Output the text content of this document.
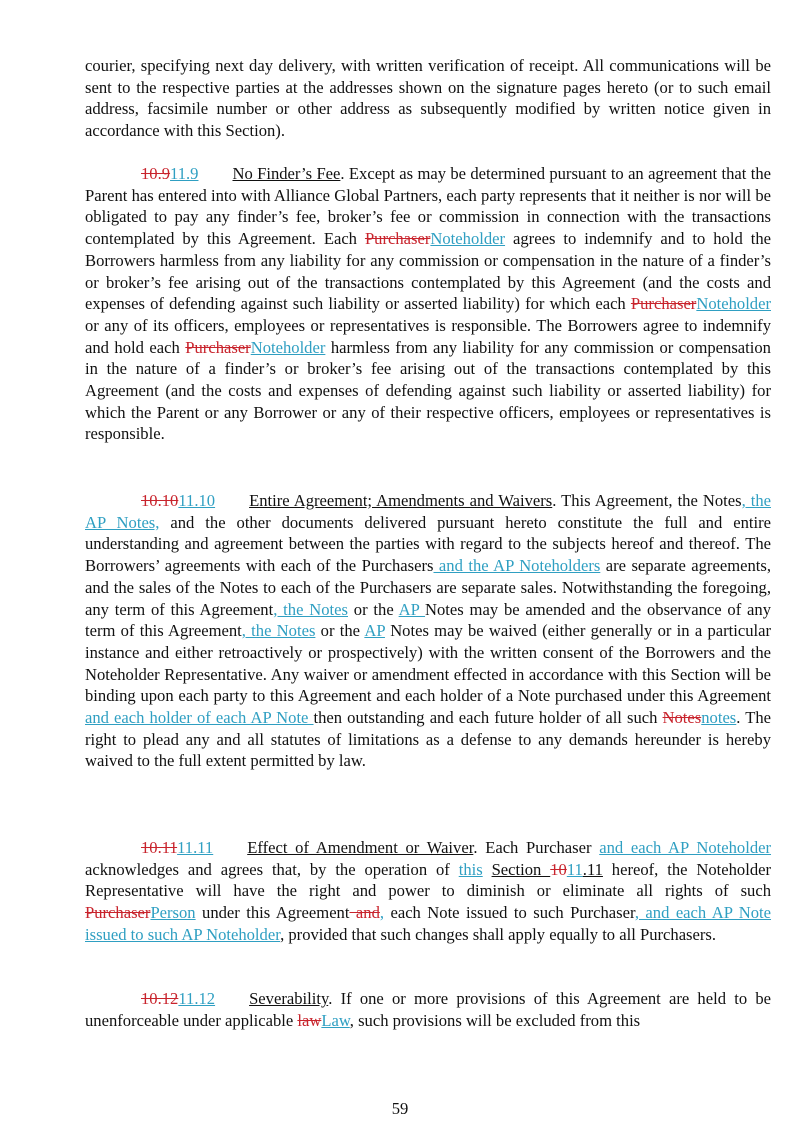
courier, specifying next day delivery, with written verification of receipt. All communications will be sent to the respective parties at the addresses shown on the signature pages hereto (or to such email address, facsimile number or other address as subsequently modified by written notice given in accordance with this Section).

10.911.9 No Finder’s Fee. Except as may be determined pursuant to an agreement that the Parent has entered into with Alliance Global Partners, each party represents that it neither is nor will be obligated to pay any finder’s fee, broker’s fee or commission in connection with the transactions contemplated by this Agreement. Each PurchaserNoteholder agrees to indemnify and to hold the Borrowers harmless from any liability for any commission or compensation in the nature of a finder’s or broker’s fee arising out of the transactions contemplated by this Agreement (and the costs and expenses of defending against such liability or asserted liability) for which each PurchaserNoteholder or any of its officers, employees or representatives is responsible. The Borrowers agree to indemnify and hold each PurchaserNoteholder harmless from any liability for any commission or compensation in the nature of a finder’s or broker’s fee arising out of the transactions contemplated by this Agreement (and the costs and expenses of defending against such liability or asserted liability) for which the Parent or any Borrower or any of their respective officers, employees or representatives is responsible.

10.1011.10 Entire Agreement; Amendments and Waivers. This Agreement, the Notes, the AP Notes, and the other documents delivered pursuant hereto constitute the full and entire understanding and agreement between the parties with regard to the subjects hereof and thereof. The Borrowers’ agreements with each of the Purchasers and the AP Noteholders are separate agreements, and the sales of the Notes to each of the Purchasers are separate sales. Notwithstanding the foregoing, any term of this Agreement, the Notes or the AP Notes may be amended and the observance of any term of this Agreement, the Notes or the AP Notes may be waived (either generally or in a particular instance and either retroactively or prospectively) with the written consent of the Borrowers and the Noteholder Representative. Any waiver or amendment effected in accordance with this Section will be binding upon each party to this Agreement and each holder of a Note purchased under this Agreement and each holder of each AP Note then outstanding and each future holder of all such Notesnotes. The right to plead any and all statutes of limitations as a defense to any demands hereunder is hereby waived to the full extent permitted by law.

10.1111.11 Effect of Amendment or Waiver. Each Purchaser and each AP Noteholder acknowledges and agrees that, by the operation of this Section 1011.11 hereof, the Noteholder Representative will have the right and power to diminish or eliminate all rights of such PurchaserPerson under this Agreement and, each Note issued to such Purchaser, and each AP Note issued to such AP Noteholder, provided that such changes shall apply equally to all Purchasers.

10.1211.12 Severability. If one or more provisions of this Agreement are held to be unenforceable under applicable lawLaw, such provisions will be excluded from this

59
